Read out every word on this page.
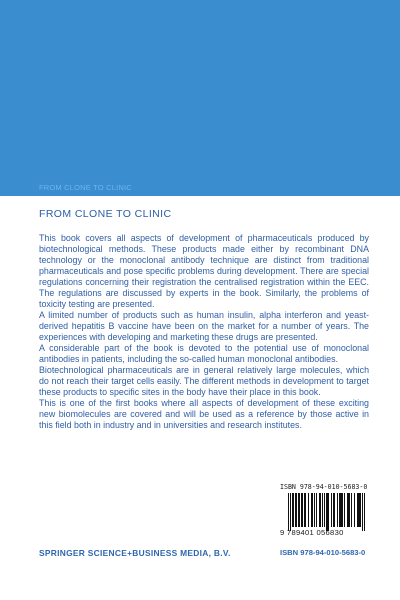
FROM CLONE TO CLINIC
FROM CLONE TO CLINIC

This book covers all aspects of development of pharmaceuticals produced by biotechnological methods. These products made either by recombinant DNA technology or the monoclonal antibody technique are distinct from traditional pharmaceuticals and pose specific problems during development. There are special regulations concerning their registration the centralised registration within the EEC. The regulations are discussed by experts in the book. Similarly, the problems of toxicity testing are presented.

A limited number of products such as human insulin, alpha interferon and yeast-derived hepatitis B vaccine have been on the market for a number of years. The experiences with developing and marketing these drugs are presented.

A considerable part of the book is devoted to the potential use of monoclonal antibodies in patients, including the so-called human monoclonal antibodies.

Biotechnological pharmaceuticals are in general relatively large molecules, which do not reach their target cells easily. The different methods in development to target these products to specific sites in the body have their place in this book.

This is one of the first books where all aspects of development of these exciting new biomolecules are covered and will be used as a reference by those active in this field both in industry and in universities and research institutes.

ISBN 978-94-010-5683-0
9 789401 056830
SPRINGER SCIENCE+BUSINESS MEDIA, B.V.	ISBN 978-94-010-5683-0
